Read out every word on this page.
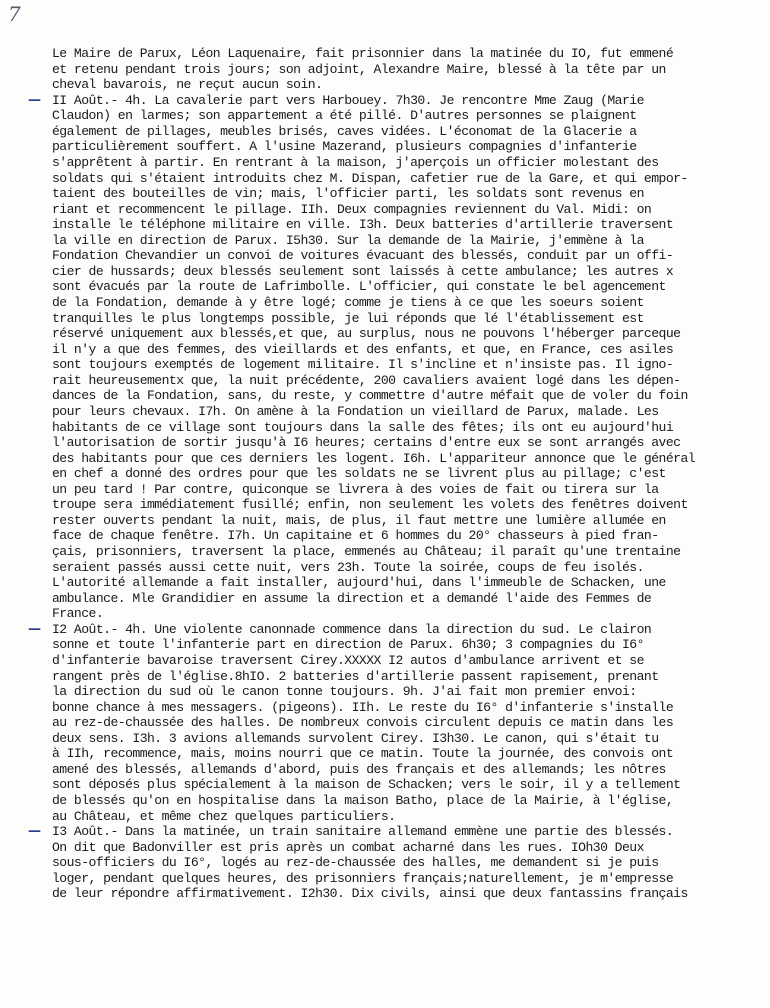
7
Le Maire de Parux, Léon Laquenaire, fait prisonnier dans la matinée du IO, fut emmené
et retenu pendant trois jours; son adjoint, Alexandre Maire, blessé à la tête par un
cheval bavarois, ne reçut aucun soin.
— II Août.- 4h. La cavalerie part vers Harbouey. 7h30. Je rencontre Mme Zaug (Marie
Claudon) en larmes; son appartement a été pillé. D'autres personnes se plaignent
également de pillages, meubles brisés, caves vidées. L'économat de la Glacerie a
particulièrement souffert. A l'usine Mazerand, plusieurs compagnies d'infanterie
s'apprêtent à partir. En rentrant à la maison, j'aperçois un officier molestant des
soldats qui s'étaient introduits chez M. Dispan, cafetier rue de la Gare, et qui empor-
taient des bouteilles de vin; mais, l'officier parti, les soldats sont revenus en
riant et recommencent le pillage. IIh. Deux compagnies reviennent du Val. Midi: on
installe le téléphone militaire en ville. I3h. Deux batteries d'artillerie traversent
la ville en direction de Parux. I5h30. Sur la demande de la Mairie, j'emmène à la
Fondation Chevandier un convoi de voitures évacuant des blessés, conduit par un offi-
cier de hussards; deux blessés seulement sont laissés à cette ambulance; les autres x
sont évacués par la route de Lafrimbolle. L'officier, qui constate le bel agencement
de la Fondation, demande à y être logé; comme je tiens à ce que les soeurs soient
tranquilles le plus longtemps possible, je lui réponds que lé l'établissement est
réservé uniquement aux blessés,et que, au surplus, nous ne pouvons l'héberger parceque
il n'y a que des femmes, des vieillards et des enfants, et que, en France, ces asiles
sont toujours exemptés de logement militaire. Il s'incline et n'insiste pas. Il igno-
rait heureusementx que, la nuit précédente, 200 cavaliers avaient logé dans les dépen-
dances de la Fondation, sans, du reste, y commettre d'autre méfait que de voler du foin
pour leurs chevaux. I7h. On amène à la Fondation un vieillard de Parux, malade. Les
habitants de ce village sont toujours dans la salle des fêtes; ils ont eu aujourd'hui
l'autorisation de sortir jusqu'à I6 heures; certains d'entre eux se sont arrangés avec
des habitants pour que ces derniers les logent. I6h. L'appariteur annonce que le général
en chef a donné des ordres pour que les soldats ne se livrent plus au pillage; c'est
un peu tard ! Par contre, quiconque se livrera à des voies de fait ou tirera sur la
troupe sera immédiatement fusillé; enfin, non seulement les volets des fenêtres doivent
rester ouverts pendant la nuit, mais, de plus, il faut mettre une lumière allumée en
face de chaque fenêtre. I7h. Un capitaine et 6 hommes du 20° chasseurs à pied fran-
çais, prisonniers, traversent la place, emmenés au Château; il paraît qu'une trentaine
seraient passés aussi cette nuit, vers 23h. Toute la soirée, coups de feu isolés.
L'autorité allemande a fait installer, aujourd'hui, dans l'immeuble de Schacken, une
ambulance. Mle Grandidier en assume la direction et a demandé l'aide des Femmes de
France.
— I2 Août.- 4h. Une violente canonnade commence dans la direction du sud. Le clairon
sonne et toute l'infanterie part en direction de Parux. 6h30; 3 compagnies du I6°
d'infanterie bavaroise traversent Cirey.XXXXX I2 autos d'ambulance arrivent et se
rangent près de l'église.8hIO. 2 batteries d'artillerie passent rapisement, prenant
la direction du sud où le canon tonne toujours. 9h. J'ai fait mon premier envoi:
bonne chance à mes messagers. (pigeons). IIh. Le reste du I6° d'infanterie s'installe
au rez-de-chaussée des halles. De nombreux convois circulent depuis ce matin dans les
deux sens. I3h. 3 avions allemands survolent Cirey. I3h30. Le canon, qui s'était tu
à IIh, recommence, mais, moins nourri que ce matin. Toute la journée, des convois ont
amené des blessés, allemands d'abord, puis des français et des allemands; les nôtres
sont déposés plus spécialement à la maison de Schacken; vers le soir, il y a tellement
de blessés qu'on en hospitalise dans la maison Batho, place de la Mairie, à l'église,
au Château, et même chez quelques particuliers.
— I3 Août.- Dans la matinée, un train sanitaire allemand emmène une partie des blessés.
On dit que Badonviller est pris après un combat acharné dans les rues. IOh30 Deux
sous-officiers du I6°, logés au rez-de-chaussée des halles, me demandent si je puis
loger, pendant quelques heures, des prisonniers français;naturellement, je m'empresse
de leur répondre affirmativement. I2h30. Dix civils, ainsi que deux fantassins français
